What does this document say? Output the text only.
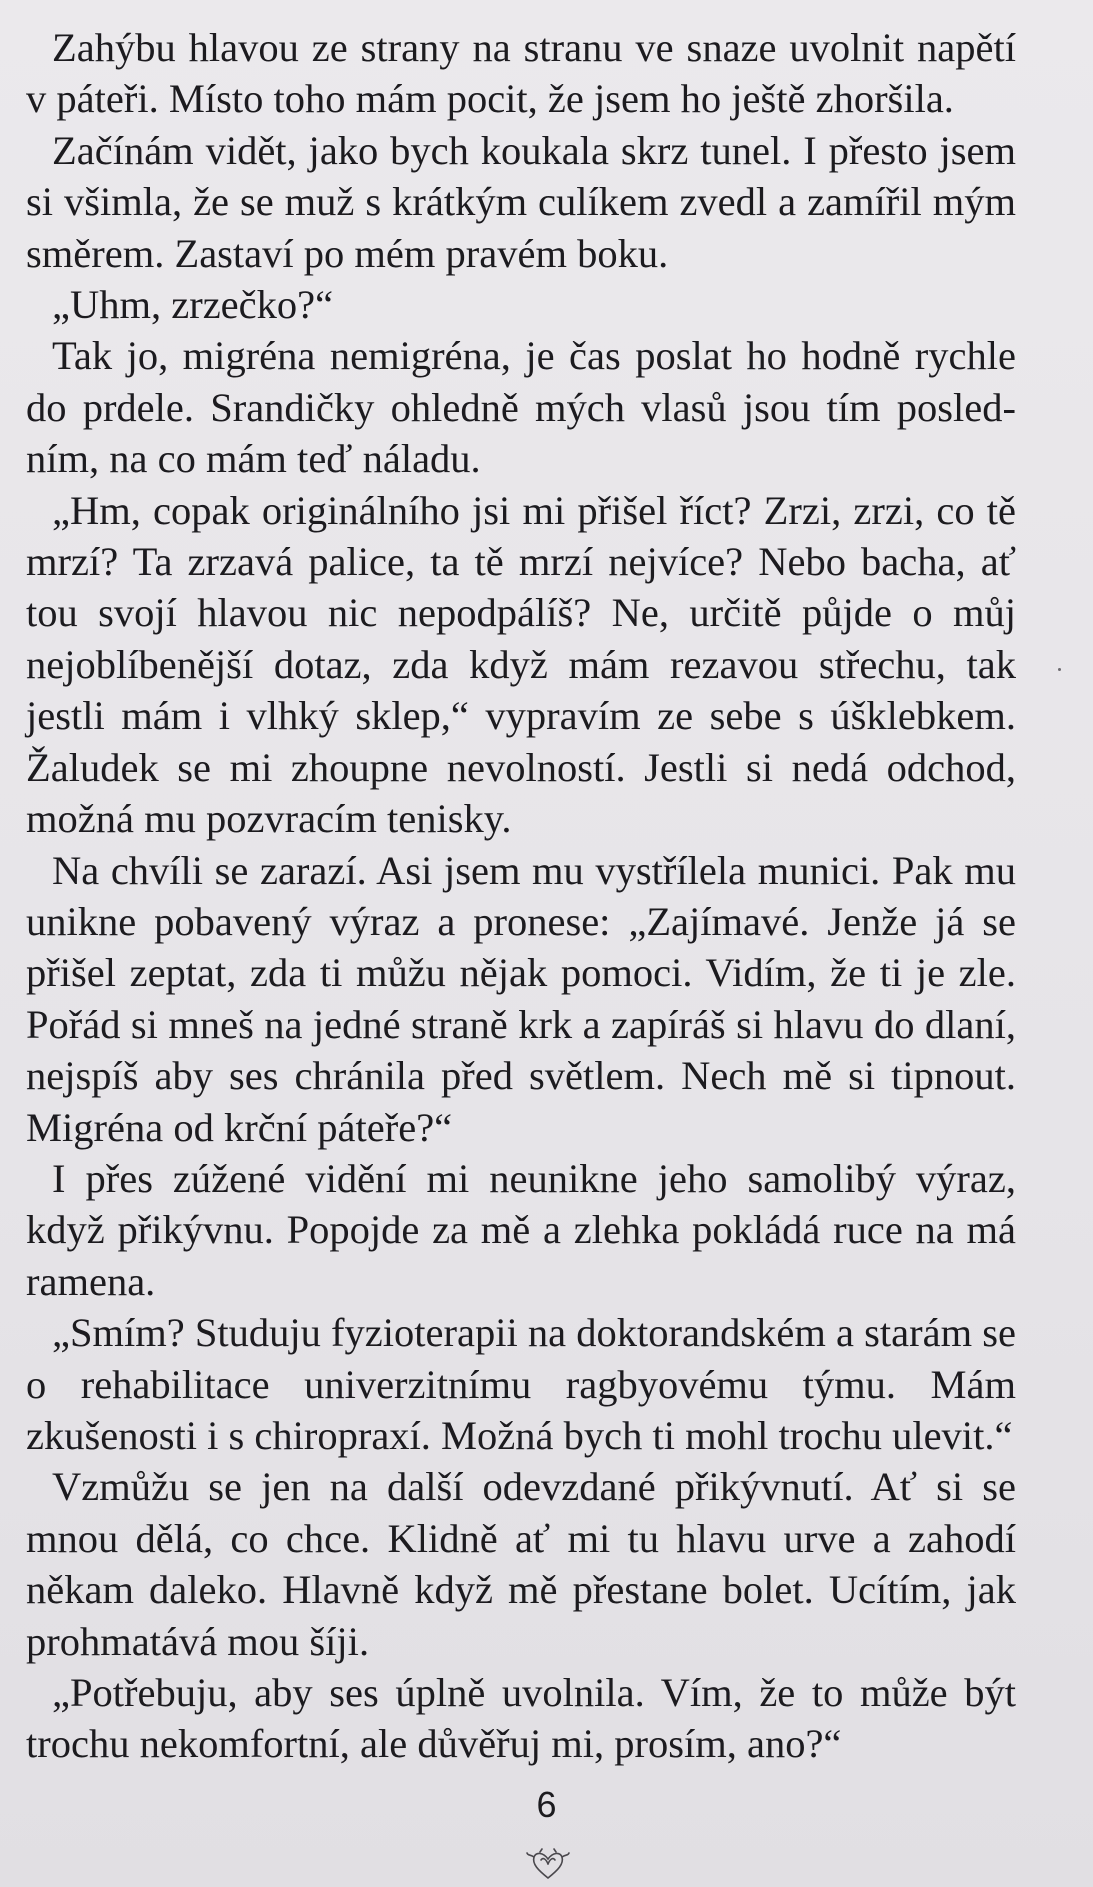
Zahýbu hlavou ze strany na stranu ve snaze uvolnit napětí v páteři. Místo toho mám pocit, že jsem ho ještě zhoršila.

Začínám vidět, jako bych koukala skrz tunel. I přesto jsem si všimla, že se muž s krátkým culíkem zvedl a zamířil mým směrem. Zastaví po mém pravém boku.

„Uhm, zrzečko?“

Tak jo, migréna nemigréna, je čas poslat ho hodně rychle do prdele. Srandičky ohledně mých vlasů jsou tím posledním, na co mám teď náladu.

„Hm, copak originálního jsi mi přišel říct? Zrzi, zrzi, co tě mrzí? Ta zrzavá palice, ta tě mrzí nejvíce? Nebo bacha, ať tou svojí hlavou nic nepodpálíš? Ne, určitě půjde o můj nejoblíbenější dotaz, zda když mám rezavou střechu, tak jestli mám i vlhký sklep,“ vypravím ze sebe s úšklebkem. Žaludek se mi zhoupne nevolností. Jestli si nedá odchod, možná mu pozvracím tenisky.

Na chvíli se zarazí. Asi jsem mu vystřílela munici. Pak mu unikne pobavený výraz a pronese: „Zajímavé. Jenže já se přišel zeptat, zda ti můžu nějak pomoci. Vidím, že ti je zle. Pořád si mneš na jedné straně krk a zapíráš si hlavu do dlaní, nejspíš aby ses chránila před světlem. Nech mě si tipnout. Migréna od krční páteře?“

I přes zúžené vidění mi neunikne jeho samolibý výraz, když přikývnu. Popojde za mě a zlehka pokládá ruce na má ramena.

„Smím? Studuju fyzioterapii na doktorandském a starám se o rehabilitace univerzitnímu ragbyovému týmu. Mám zkušenosti i s chiropraxí. Možná bych ti mohl trochu ulevit.“

Vzmůžu se jen na další odevzdané přikývnutí. Ať si se mnou dělá, co chce. Klidně ať mi tu hlavu urve a zahodí někam daleko. Hlavně když mě přestane bolet. Ucítím, jak prohmatává mou šíji.

„Potřebuju, aby ses úplně uvolnila. Vím, že to může být trochu nekomfortní, ale důvěřuj mi, prosím, ano?“

6
